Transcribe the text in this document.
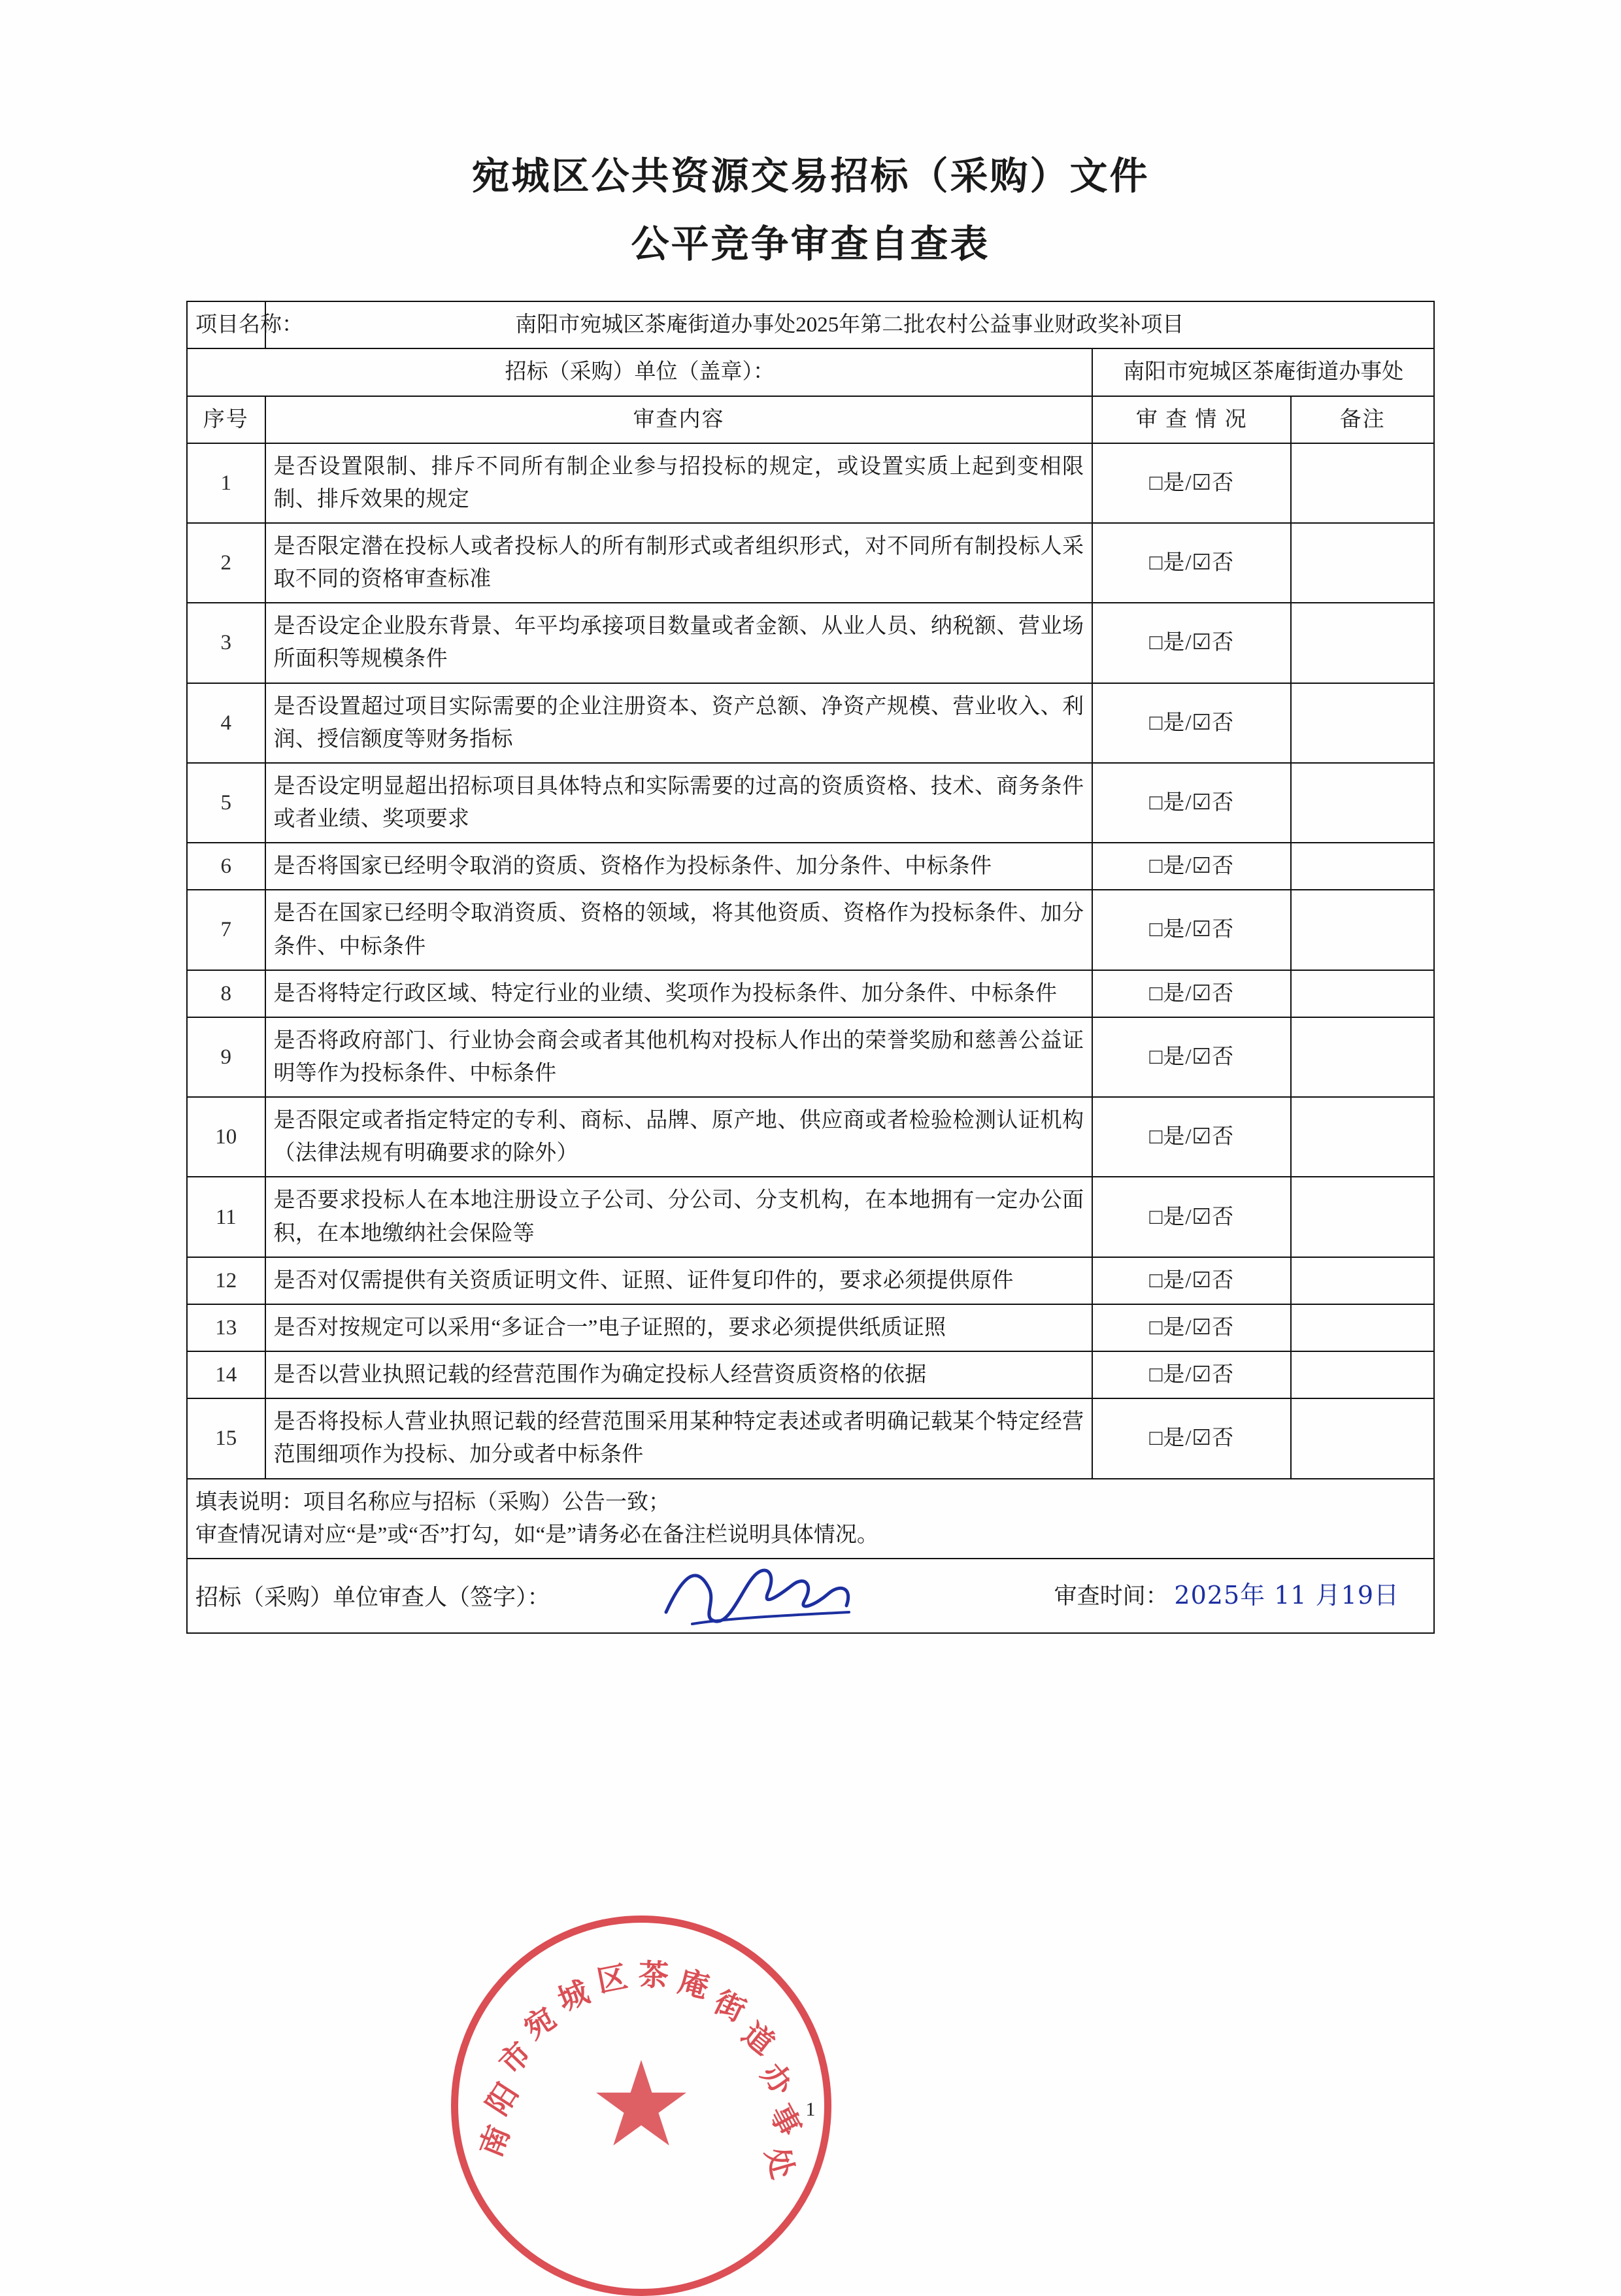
宛城区公共资源交易招标（采购）文件
公平竞争审查自查表
项目名称：	南阳市宛城区茶庵街道办事处2025年第二批农村公益事业财政奖补项目		
招标（采购）单位（盖章）：		南阳市宛城区茶庵街道办事处	
序号	审查内容	审 查 情 况	备注
1	是否设置限制、排斥不同所有制企业参与招投标的规定，或设置实质上起到变相限制、排斥效果的规定	□是/☑否	
2	是否限定潜在投标人或者投标人的所有制形式或者组织形式，对不同所有制投标人采取不同的资格审查标准	□是/☑否	
3	是否设定企业股东背景、年平均承接项目数量或者金额、从业人员、纳税额、营业场所面积等规模条件	□是/☑否	
4	是否设置超过项目实际需要的企业注册资本、资产总额、净资产规模、营业收入、利润、授信额度等财务指标	□是/☑否	
5	是否设定明显超出招标项目具体特点和实际需要的过高的资质资格、技术、商务条件或者业绩、奖项要求	□是/☑否	
6	是否将国家已经明令取消的资质、资格作为投标条件、加分条件、中标条件	□是/☑否	
7	是否在国家已经明令取消资质、资格的领域，将其他资质、资格作为投标条件、加分条件、中标条件	□是/☑否	
8	是否将特定行政区域、特定行业的业绩、奖项作为投标条件、加分条件、中标条件	□是/☑否	
9	是否将政府部门、行业协会商会或者其他机构对投标人作出的荣誉奖励和慈善公益证明等作为投标条件、中标条件	□是/☑否	
10	是否限定或者指定特定的专利、商标、品牌、原产地、供应商或者检验检测认证机构（法律法规有明确要求的除外）	□是/☑否	
11	是否要求投标人在本地注册设立子公司、分公司、分支机构，在本地拥有一定办公面积，在本地缴纳社会保险等	□是/☑否	
12	是否对仅需提供有关资质证明文件、证照、证件复印件的，要求必须提供原件	□是/☑否	
13	是否对按规定可以采用“多证合一”电子证照的，要求必须提供纸质证照	□是/☑否	
14	是否以营业执照记载的经营范围作为确定投标人经营资质资格的依据	□是/☑否	
15	是否将投标人营业执照记载的经营范围采用某种特定表述或者明确记载某个特定经营范围细项作为投标、加分或者中标条件	□是/☑否	

填表说明：项目名称应与招标（采购）公告一致；
审查情况请对应“是”或“否”打勾，如“是”请务必在备注栏说明具体情况。			

招标（采购）单位审查人（签字）： 审查时间： 2025年 11 月19日			
★
南
阳
市
宛
城 区 茶 庵
街
道
办
事
处
1
